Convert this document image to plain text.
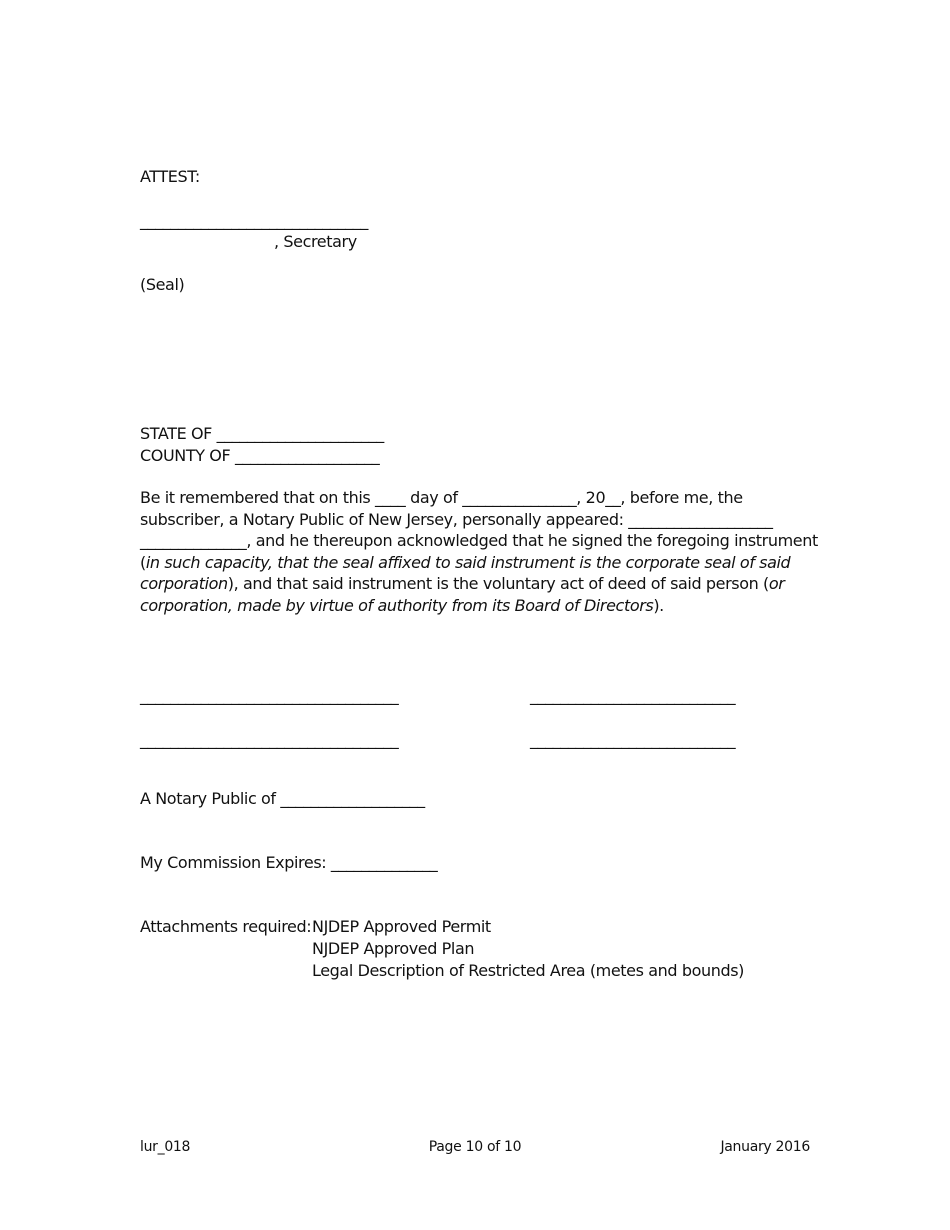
ATTEST:
______________________________
, Secretary
(Seal)
STATE OF ______________________
COUNTY OF ___________________
Be it remembered that on this ____ day of _______________, 20__, before me, the subscriber, a Notary Public of New Jersey, personally appeared: ___________________ ______________, and he thereupon acknowledged that he signed the foregoing instrument (in such capacity, that the seal affixed to said instrument is the corporate seal of said corporation), and that said instrument is the voluntary act of deed of said person (or corporation, made by virtue of authority from its Board of Directors).
__________________________________	___________________________
__________________________________	___________________________
A Notary Public of ___________________
My Commission Expires: ______________
Attachments required: NJDEP Approved Permit
NJDEP Approved Plan
Legal Description of Restricted Area (metes and bounds)
lur_018	Page 10 of 10	January 2016
